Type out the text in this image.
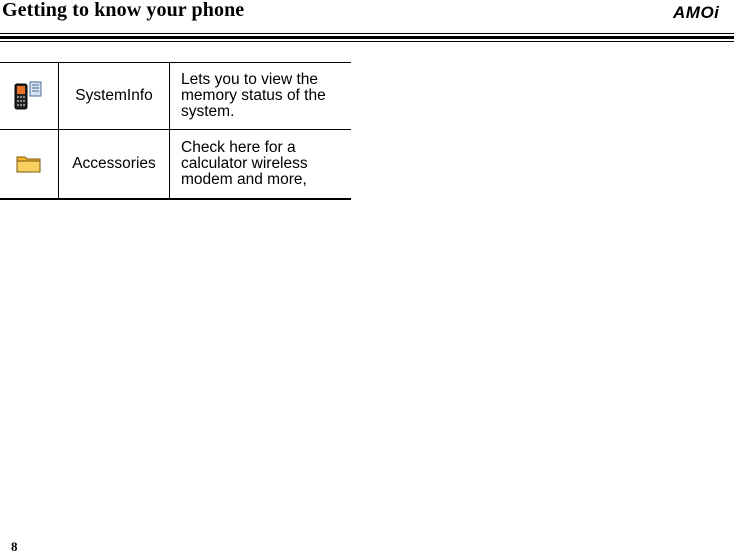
Getting to know your phone	AMOi
	SystemInfo	Lets you to view the
memory status of the
system.

	Accessories	Check here for a
calculator wireless
modem and more,
8
